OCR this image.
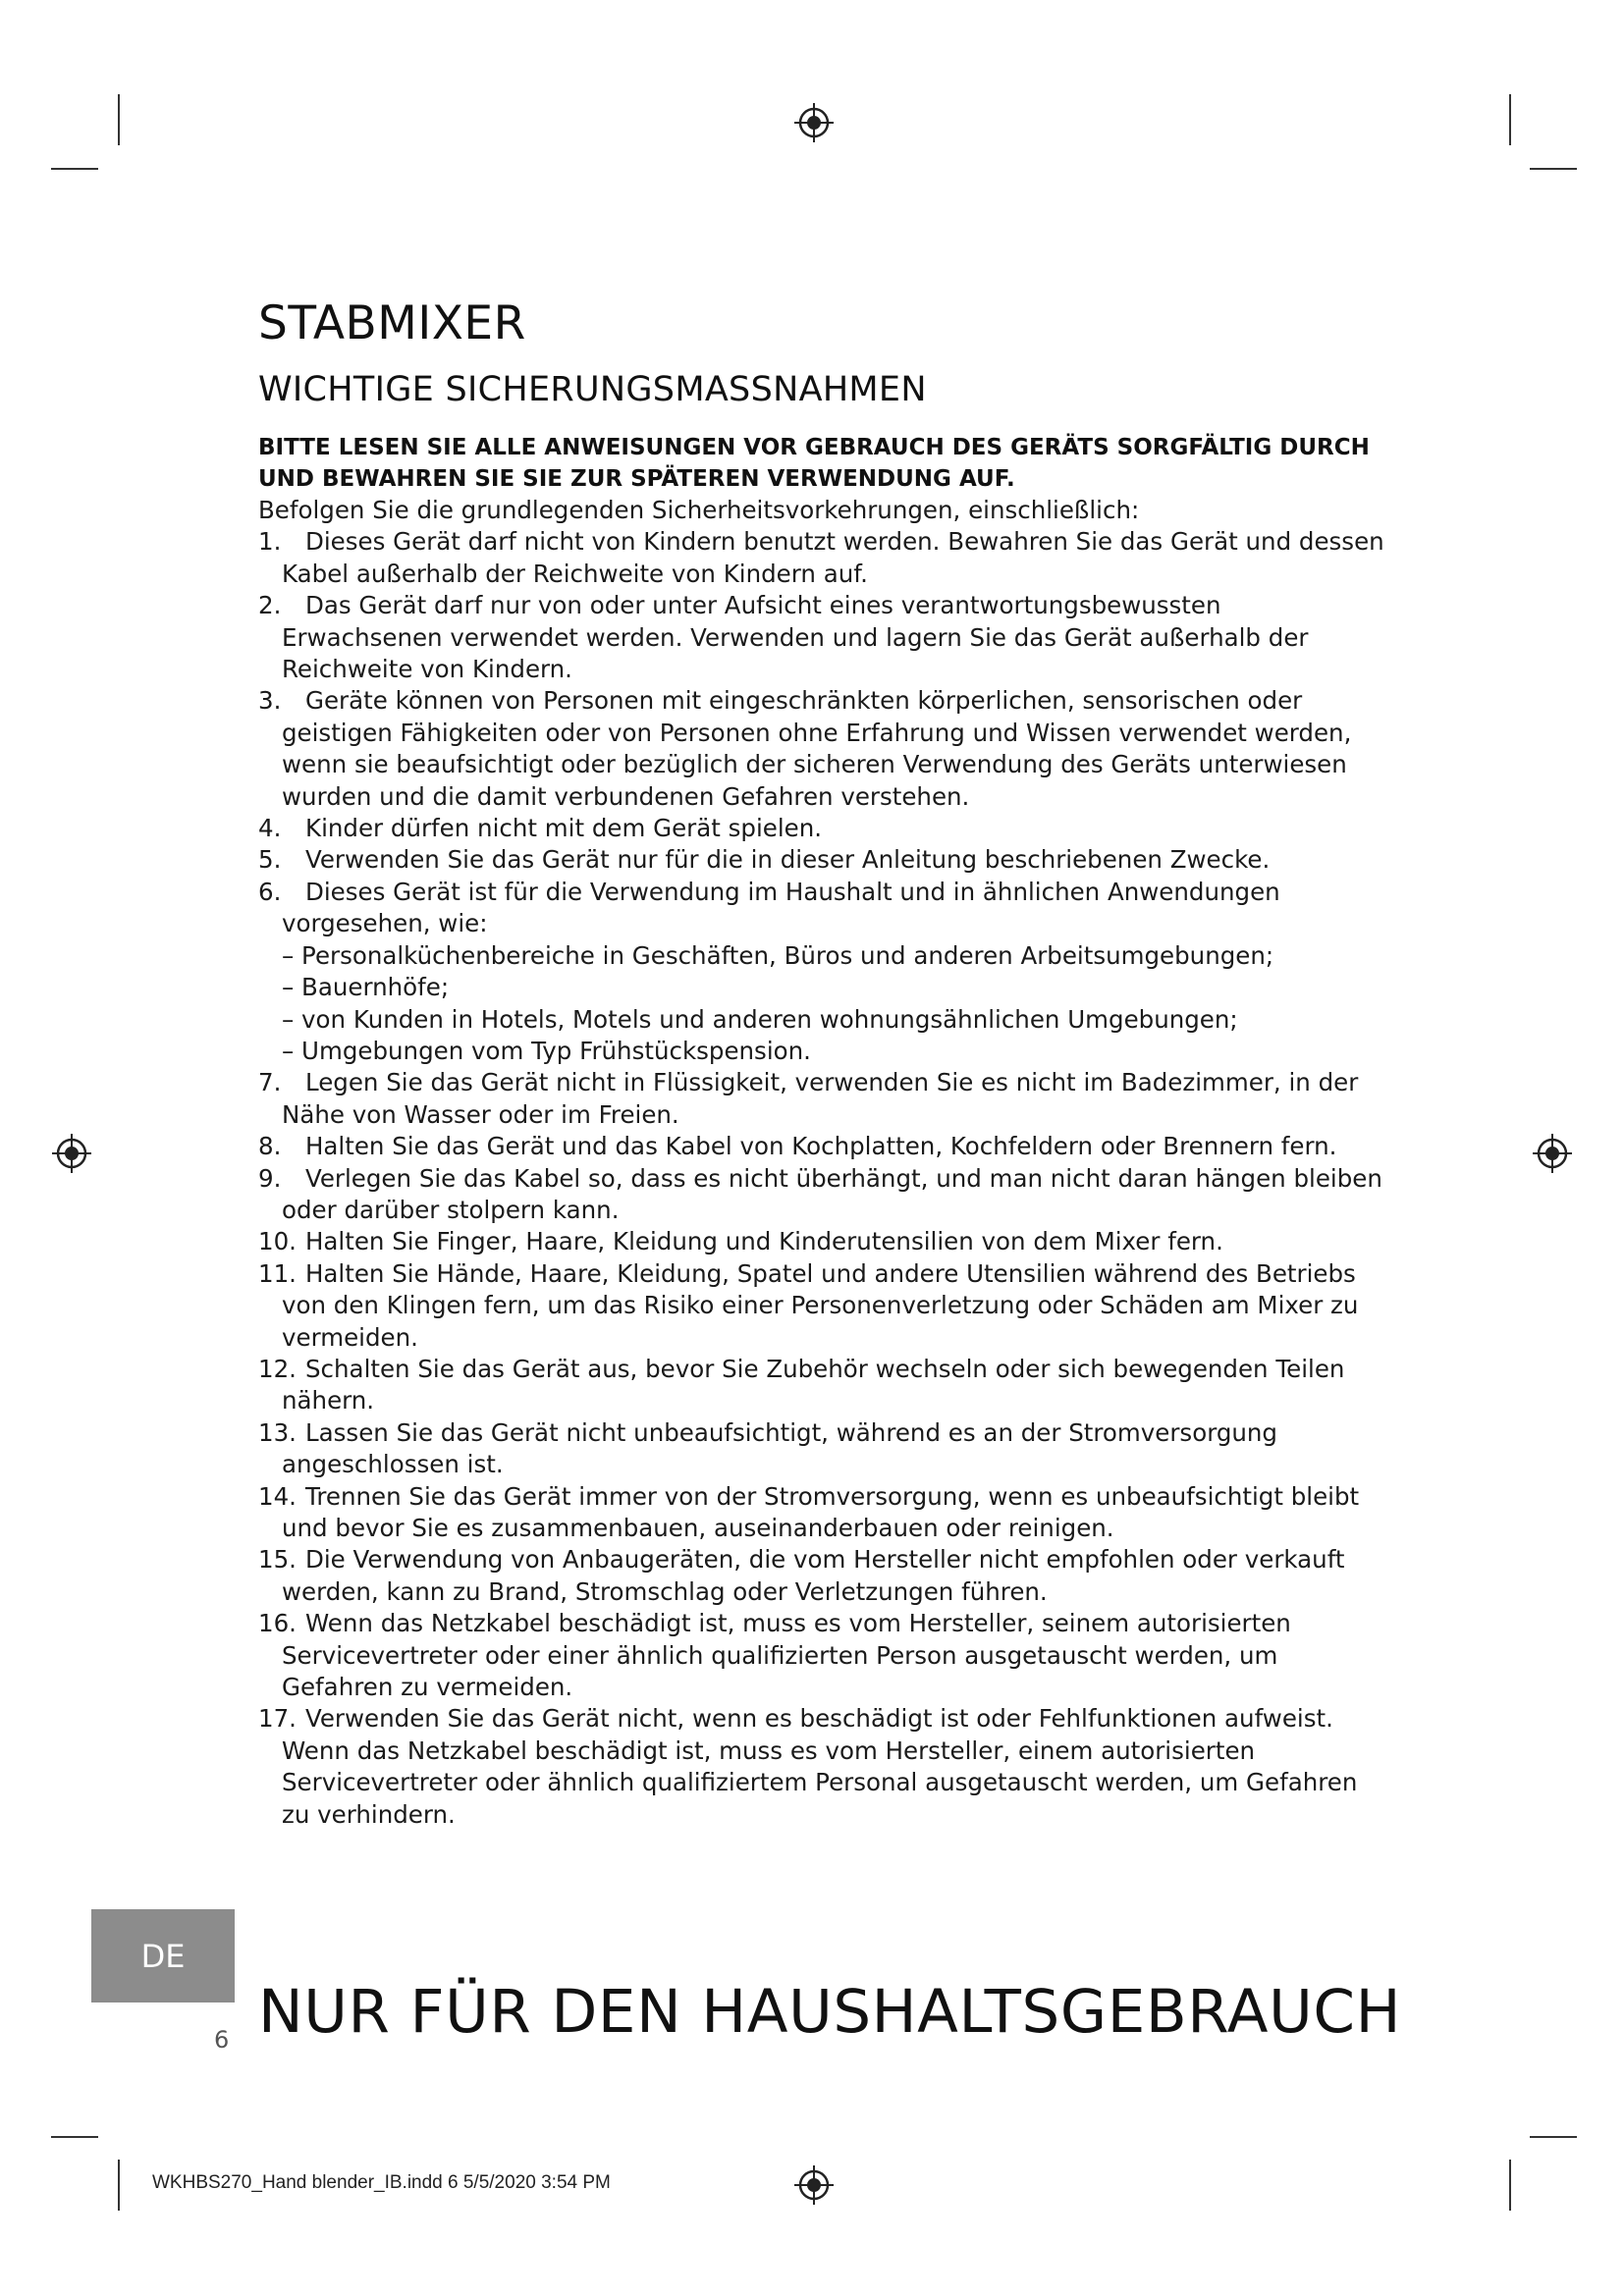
STABMIXER
WICHTIGE SICHERUNGSMASSNAHMEN

BITTE LESEN SIE ALLE ANWEISUNGEN VOR GEBRAUCH DES GERÄTS SORGFÄLTIG DURCH UND BEWAHREN SIE SIE ZUR SPÄTEREN VERWENDUNG AUF.

Befolgen Sie die grundlegenden Sicherheitsvorkehrungen, einschließlich:

1. Dieses Gerät darf nicht von Kindern benutzt werden. Bewahren Sie das Gerät und dessen Kabel außerhalb der Reichweite von Kindern auf.
2. Das Gerät darf nur von oder unter Aufsicht eines verantwortungsbewussten Erwachsenen verwendet werden. Verwenden und lagern Sie das Gerät außerhalb der Reichweite von Kindern.
3. Geräte können von Personen mit eingeschränkten körperlichen, sensorischen oder geistigen Fähigkeiten oder von Personen ohne Erfahrung und Wissen verwendet werden, wenn sie beaufsichtigt oder bezüglich der sicheren Verwendung des Geräts unterwiesen wurden und die damit verbundenen Gefahren verstehen.
4. Kinder dürfen nicht mit dem Gerät spielen.
5. Verwenden Sie das Gerät nur für die in dieser Anleitung beschriebenen Zwecke.
6. Dieses Gerät ist für die Verwendung im Haushalt und in ähnlichen Anwendungen vorgesehen, wie:
– Personalküchenbereiche in Geschäften, Büros und anderen Arbeitsumgebungen;
– Bauernhöfe;
– von Kunden in Hotels, Motels und anderen wohnungsähnlichen Umgebungen;
– Umgebungen vom Typ Frühstückspension.
7. Legen Sie das Gerät nicht in Flüssigkeit, verwenden Sie es nicht im Badezimmer, in der Nähe von Wasser oder im Freien.
8. Halten Sie das Gerät und das Kabel von Kochplatten, Kochfeldern oder Brennern fern.
9. Verlegen Sie das Kabel so, dass es nicht überhängt, und man nicht daran hängen bleiben oder darüber stolpern kann.
10. Halten Sie Finger, Haare, Kleidung und Kinderutensilien von dem Mixer fern.
11. Halten Sie Hände, Haare, Kleidung, Spatel und andere Utensilien während des Betriebs von den Klingen fern, um das Risiko einer Personenverletzung oder Schäden am Mixer zu vermeiden.
12. Schalten Sie das Gerät aus, bevor Sie Zubehör wechseln oder sich bewegenden Teilen nähern.
13. Lassen Sie das Gerät nicht unbeaufsichtigt, während es an der Stromversorgung angeschlossen ist.
14. Trennen Sie das Gerät immer von der Stromversorgung, wenn es unbeaufsichtigt bleibt und bevor Sie es zusammenbauen, auseinanderbauen oder reinigen.
15. Die Verwendung von Anbaugeräten, die vom Hersteller nicht empfohlen oder verkauft werden, kann zu Brand, Stromschlag oder Verletzungen führen.
16. Wenn das Netzkabel beschädigt ist, muss es vom Hersteller, seinem autorisierten Servicevertreter oder einer ähnlich qualifizierten Person ausgetauscht werden, um Gefahren zu vermeiden.
17. Verwenden Sie das Gerät nicht, wenn es beschädigt ist oder Fehlfunktionen aufweist. Wenn das Netzkabel beschädigt ist, muss es vom Hersteller, einem autorisierten Servicevertreter oder ähnlich qualifiziertem Personal ausgetauscht werden, um Gefahren zu verhindern.
DE
6 NUR FÜR DEN HAUSHALTSGEBRAUCH
WKHBS270_Hand blender_IB.indd 6 5/5/2020 3:54 PM
